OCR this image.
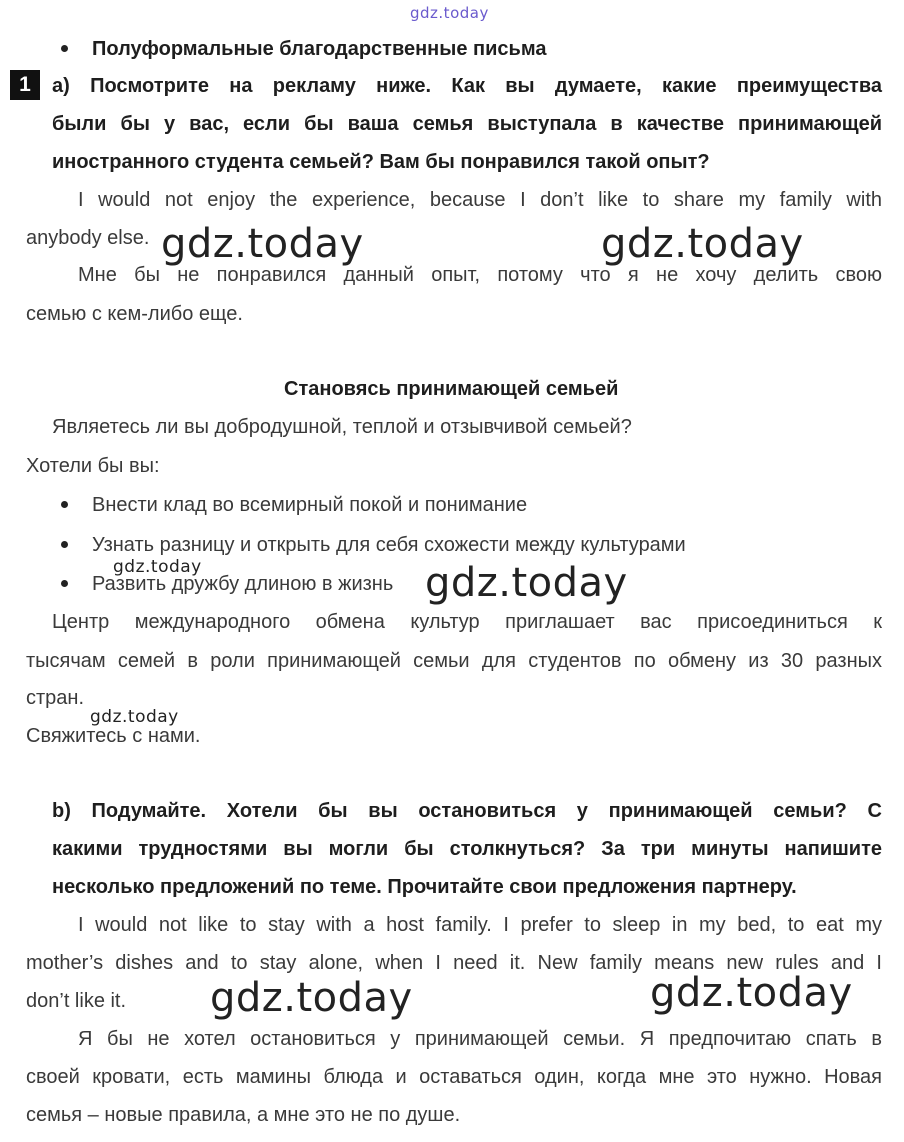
gdz.today
Полуформальные благодарственные письма
1	а) Посмотрите на рекламу ниже. Как вы думаете, какие преимущества
были бы у вас, если бы ваша семья выступала в качестве принимающей
иностранного студента семьей? Вам бы понравился такой опыт?
I would not enjoy the experience, because I don’t like to share my family with
anybody else.
Мне бы не понравился данный опыт, потому что я не хочу делить свою
семью с кем-либо еще.
Становясь принимающей семьей
Являетесь ли вы добродушной, теплой и отзывчивой семьей?
Хотели бы вы:
Внести клад во всемирный покой и понимание
Узнать разницу и открыть для себя схожести между культурами
Развить дружбу длиною в жизнь
Центр международного обмена культур приглашает вас присоединиться к
тысячам семей в роли принимающей семьи для студентов по обмену из 30 разных
стран.
Свяжитесь с нами.
b) Подумайте. Хотели бы вы остановиться у принимающей семьи? С
какими трудностями вы могли бы столкнуться? За три минуты напишите
несколько предложений по теме. Прочитайте свои предложения партнеру.
I would not like to stay with a host family. I prefer to sleep in my bed, to eat my
mother’s dishes and to stay alone, when I need it. New family means new rules and I
don’t like it.
Я бы не хотел остановиться у принимающей семьи. Я предпочитаю спать в
своей кровати, есть мамины блюда и оставаться один, когда мне это нужно. Новая
семья – новые правила, а мне это не по душе.
gdz.today	gdz.today
gdz.today	gdz.today
gdz.today
gdz.today	gdz.today
